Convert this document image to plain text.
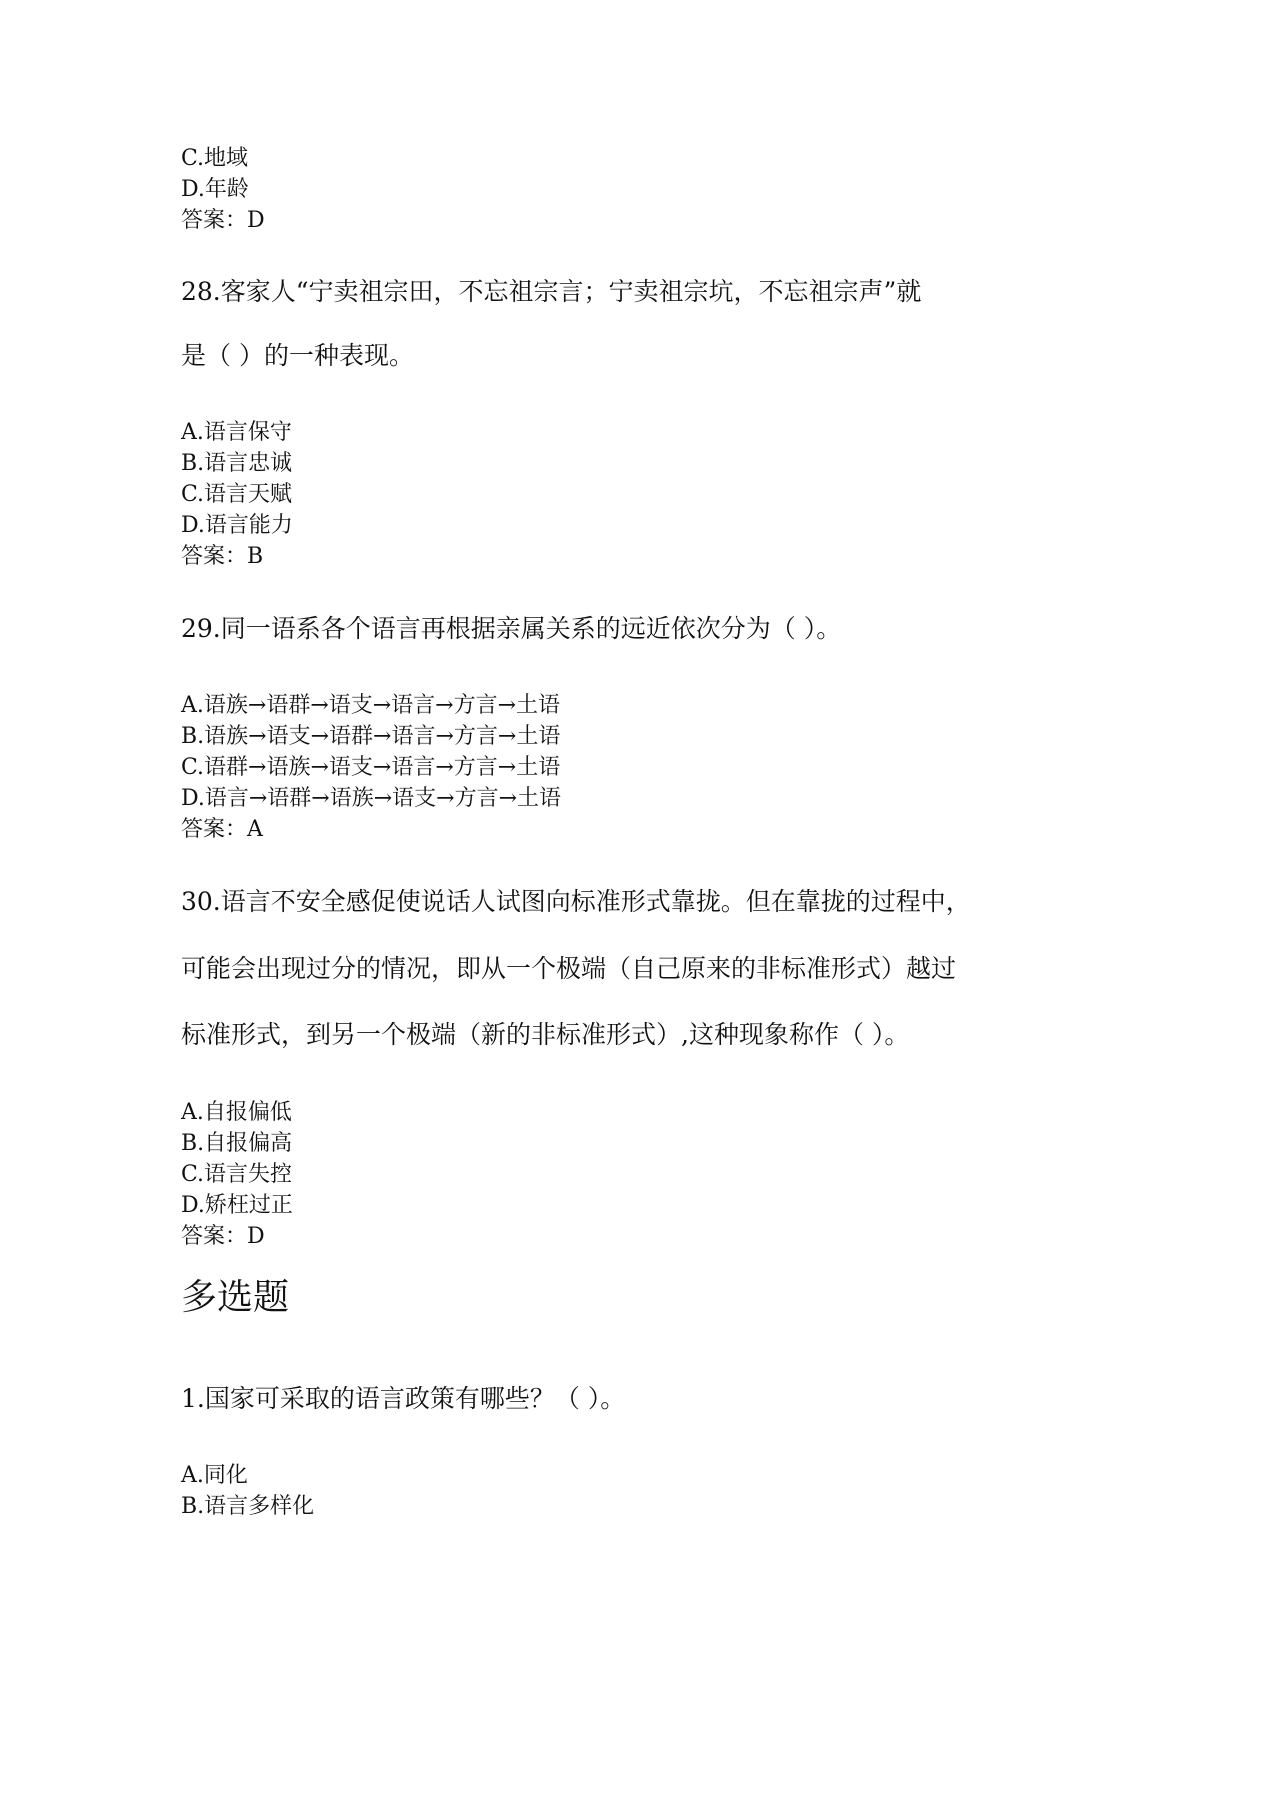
C.地域

D.年龄

答案：D

28.客家人“宁卖祖宗田，不忘祖宗言；宁卖祖宗坑，不忘祖宗声”就

是（ ）的一种表现。

A.语言保守

B.语言忠诚

C.语言天赋

D.语言能力

答案：B

29.同一语系各个语言再根据亲属关系的远近依次分为（ ）。

A.语族→语群→语支→语言→方言→土语

B.语族→语支→语群→语言→方言→土语

C.语群→语族→语支→语言→方言→土语

D.语言→语群→语族→语支→方言→土语

答案：A

30.语言不安全感促使说话人试图向标准形式靠拢。但在靠拢的过程中，

可能会出现过分的情况，即从一个极端（自己原来的非标准形式）越过

标准形式，到另一个极端（新的非标准形式）,这种现象称作（ ）。

A.自报偏低

B.自报偏高

C.语言失控

D.矫枉过正

答案：D

多选题

1.国家可采取的语言政策有哪些？（ ）。

A.同化

B.语言多样化
